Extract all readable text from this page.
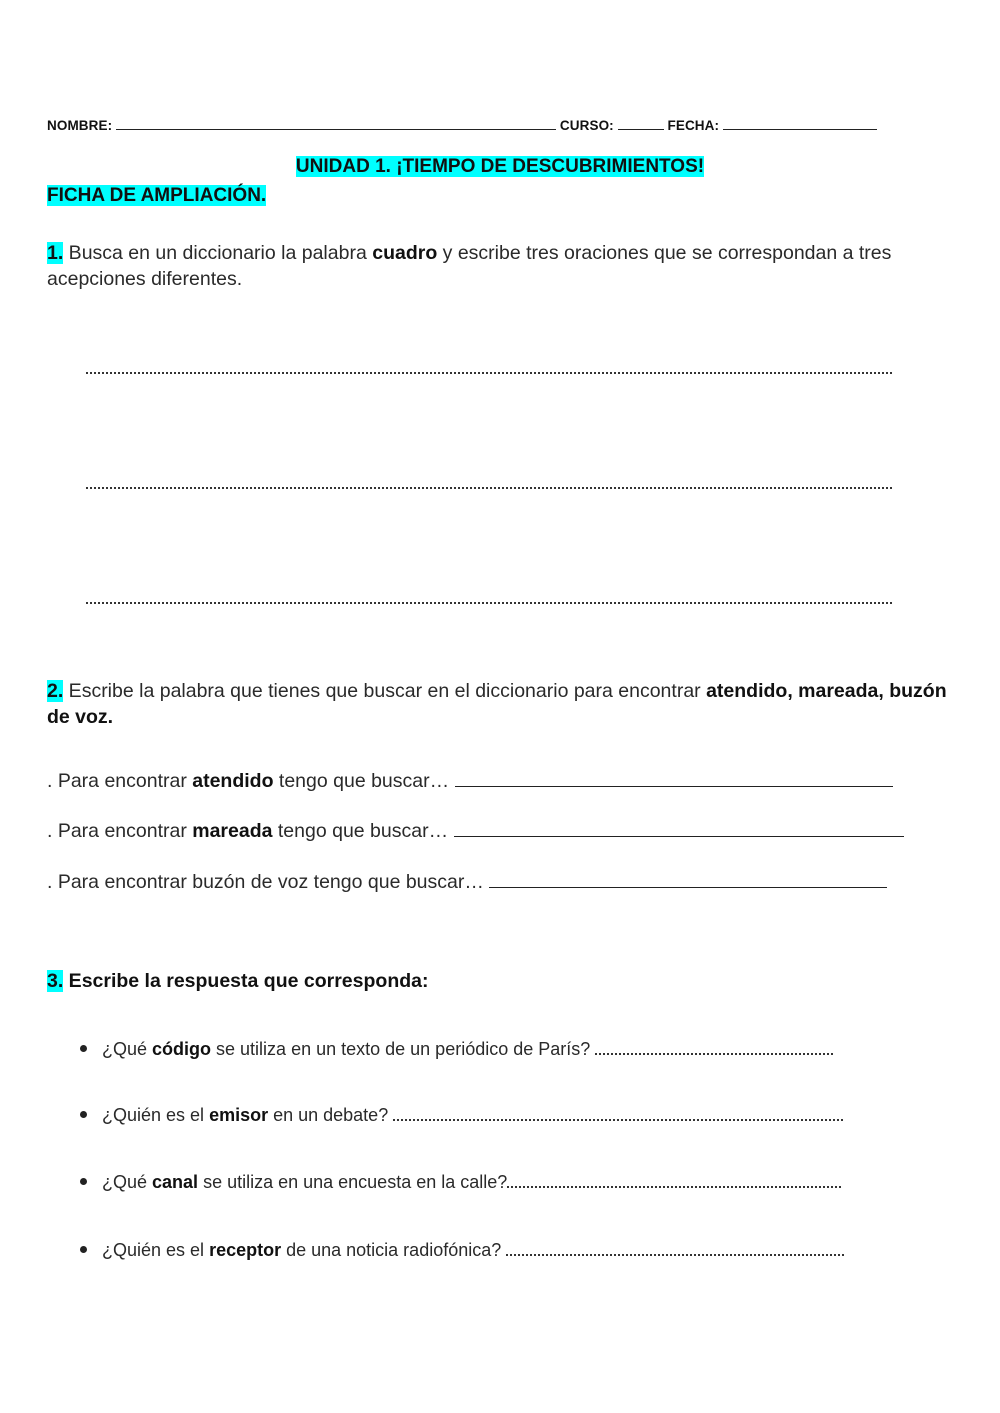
NOMBRE:	CURSO:	FECHA:
UNIDAD 1. ¡TIEMPO DE DESCUBRIMIENTOS!
FICHA DE AMPLIACIÓN.
1. Busca en un diccionario la palabra cuadro y escribe tres oraciones que se correspondan a tres acepciones diferentes.
2. Escribe la palabra que tienes que buscar en el diccionario para encontrar atendido, mareada, buzón de voz.
. Para encontrar atendido tengo que buscar…
. Para encontrar mareada tengo que buscar…
. Para encontrar buzón de voz tengo que buscar…
3. Escribe la respuesta que corresponda:
¿Qué código se utiliza en un texto de un periódico de París?
¿Quién es el emisor en un debate?
¿Qué canal se utiliza en una encuesta en la calle?
¿Quién es el receptor de una noticia radiofónica?
